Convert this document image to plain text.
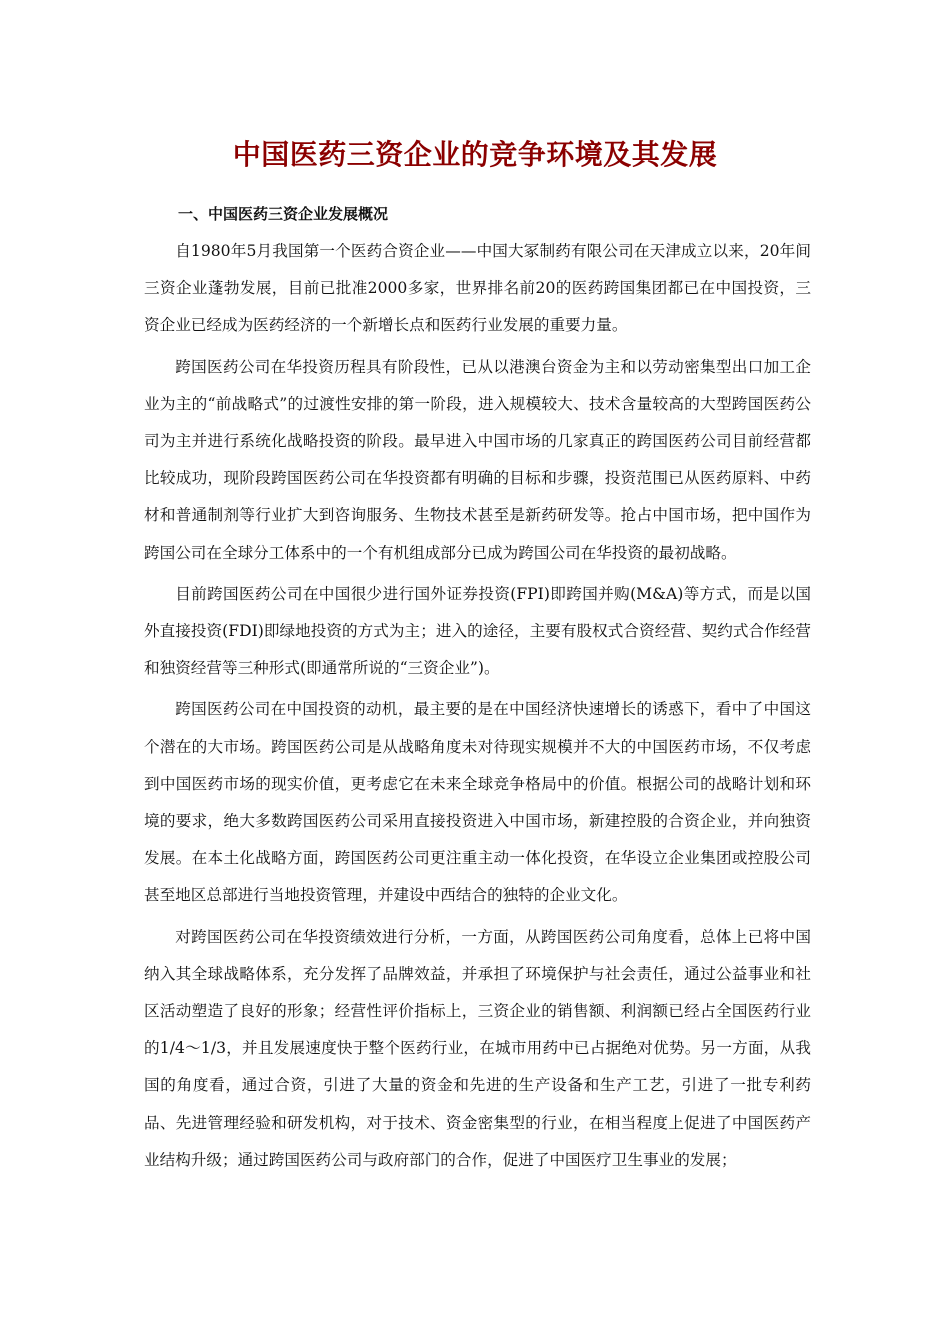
中国医药三资企业的竞争环境及其发展
一、中国医药三资企业发展概况

自1980年5月我国第一个医药合资企业——中国大冢制药有限公司在天津成立以来，20年间三资企业蓬勃发展，目前已批准2000多家，世界排名前20的医药跨国集团都已在中国投资，三资企业已经成为医药经济的一个新增长点和医药行业发展的重要力量。

跨国医药公司在华投资历程具有阶段性，已从以港澳台资金为主和以劳动密集型出口加工企业为主的“前战略式”的过渡性安排的第一阶段，进入规模较大、技术含量较高的大型跨国医药公司为主并进行系统化战略投资的阶段。最早进入中国市场的几家真正的跨国医药公司目前经营都比较成功，现阶段跨国医药公司在华投资都有明确的目标和步骤，投资范围已从医药原料、中药材和普通制剂等行业扩大到咨询服务、生物技术甚至是新药研发等。抢占中国市场，把中国作为跨国公司在全球分工体系中的一个有机组成部分已成为跨国公司在华投资的最初战略。

目前跨国医药公司在中国很少进行国外证券投资(FPI)即跨国并购(M&A)等方式，而是以国外直接投资(FDI)即绿地投资的方式为主；进入的途径，主要有股权式合资经营、契约式合作经营和独资经营等三种形式(即通常所说的“三资企业”)。

跨国医药公司在中国投资的动机，最主要的是在中国经济快速增长的诱惑下，看中了中国这个潜在的大市场。跨国医药公司是从战略角度未对待现实规模并不大的中国医药市场，不仅考虑到中国医药市场的现实价值，更考虑它在未来全球竞争格局中的价值。根据公司的战略计划和环境的要求，绝大多数跨国医药公司采用直接投资进入中国市场，新建控股的合资企业，并向独资发展。在本土化战略方面，跨国医药公司更注重主动一体化投资，在华设立企业集团或控股公司甚至地区总部进行当地投资管理，并建设中西结合的独特的企业文化。

对跨国医药公司在华投资绩效进行分析，一方面，从跨国医药公司角度看，总体上已将中国纳入其全球战略体系，充分发挥了品牌效益，并承担了环境保护与社会责任，通过公益事业和社区活动塑造了良好的形象；经营性评价指标上，三资企业的销售额、利润额已经占全国医药行业的1/4～1/3，并且发展速度快于整个医药行业，在城市用药中已占据绝对优势。另一方面，从我国的角度看，通过合资，引进了大量的资金和先进的生产设备和生产工艺，引进了一批专利药品、先进管理经验和研发机构，对于技术、资金密集型的行业，在相当程度上促进了中国医药产业结构升级；通过跨国医药公司与政府部门的合作，促进了中国医疗卫生事业的发展；
